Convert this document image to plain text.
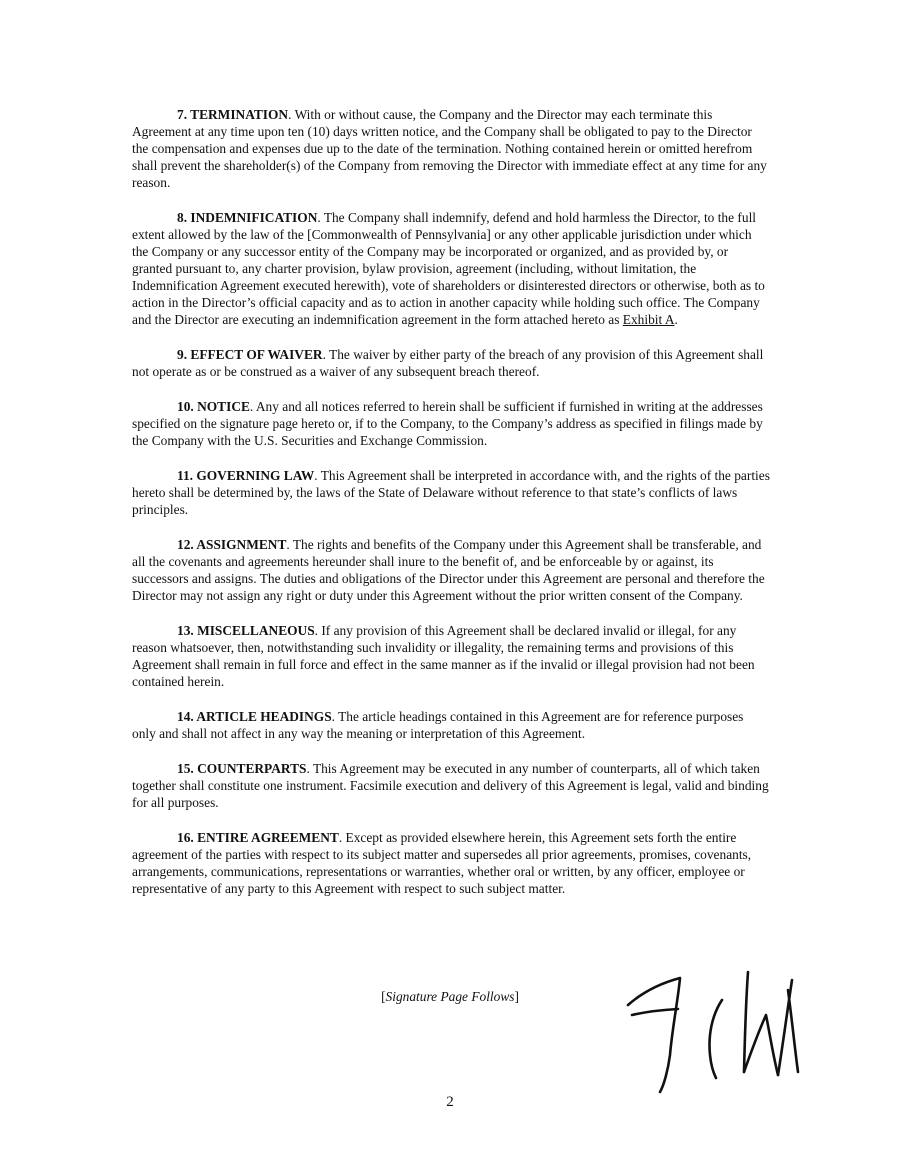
7. TERMINATION. With or without cause, the Company and the Director may each terminate this Agreement at any time upon ten (10) days written notice, and the Company shall be obligated to pay to the Director the compensation and expenses due up to the date of the termination. Nothing contained herein or omitted herefrom shall prevent the shareholder(s) of the Company from removing the Director with immediate effect at any time for any reason.

8. INDEMNIFICATION. The Company shall indemnify, defend and hold harmless the Director, to the full extent allowed by the law of the [Commonwealth of Pennsylvania] or any other applicable jurisdiction under which the Company or any successor entity of the Company may be incorporated or organized, and as provided by, or granted pursuant to, any charter provision, bylaw provision, agreement (including, without limitation, the Indemnification Agreement executed herewith), vote of shareholders or disinterested directors or otherwise, both as to action in the Director’s official capacity and as to action in another capacity while holding such office. The Company and the Director are executing an indemnification agreement in the form attached hereto as Exhibit A.

9. EFFECT OF WAIVER. The waiver by either party of the breach of any provision of this Agreement shall not operate as or be construed as a waiver of any subsequent breach thereof.

10. NOTICE. Any and all notices referred to herein shall be sufficient if furnished in writing at the addresses specified on the signature page hereto or, if to the Company, to the Company’s address as specified in filings made by the Company with the U.S. Securities and Exchange Commission.

11. GOVERNING LAW. This Agreement shall be interpreted in accordance with, and the rights of the parties hereto shall be determined by, the laws of the State of Delaware without reference to that state’s conflicts of laws principles.

12. ASSIGNMENT. The rights and benefits of the Company under this Agreement shall be transferable, and all the covenants and agreements hereunder shall inure to the benefit of, and be enforceable by or against, its successors and assigns. The duties and obligations of the Director under this Agreement are personal and therefore the Director may not assign any right or duty under this Agreement without the prior written consent of the Company.

13. MISCELLANEOUS. If any provision of this Agreement shall be declared invalid or illegal, for any reason whatsoever, then, notwithstanding such invalidity or illegality, the remaining terms and provisions of this Agreement shall remain in full force and effect in the same manner as if the invalid or illegal provision had not been contained herein.

14. ARTICLE HEADINGS. The article headings contained in this Agreement are for reference purposes only and shall not affect in any way the meaning or interpretation of this Agreement.

15. COUNTERPARTS. This Agreement may be executed in any number of counterparts, all of which taken together shall constitute one instrument. Facsimile execution and delivery of this Agreement is legal, valid and binding for all purposes.

16. ENTIRE AGREEMENT. Except as provided elsewhere herein, this Agreement sets forth the entire agreement of the parties with respect to its subject matter and supersedes all prior agreements, promises, covenants, arrangements, communications, representations or warranties, whether oral or written, by any officer, employee or representative of any party to this Agreement with respect to such subject matter.

[Signature Page Follows]
2
